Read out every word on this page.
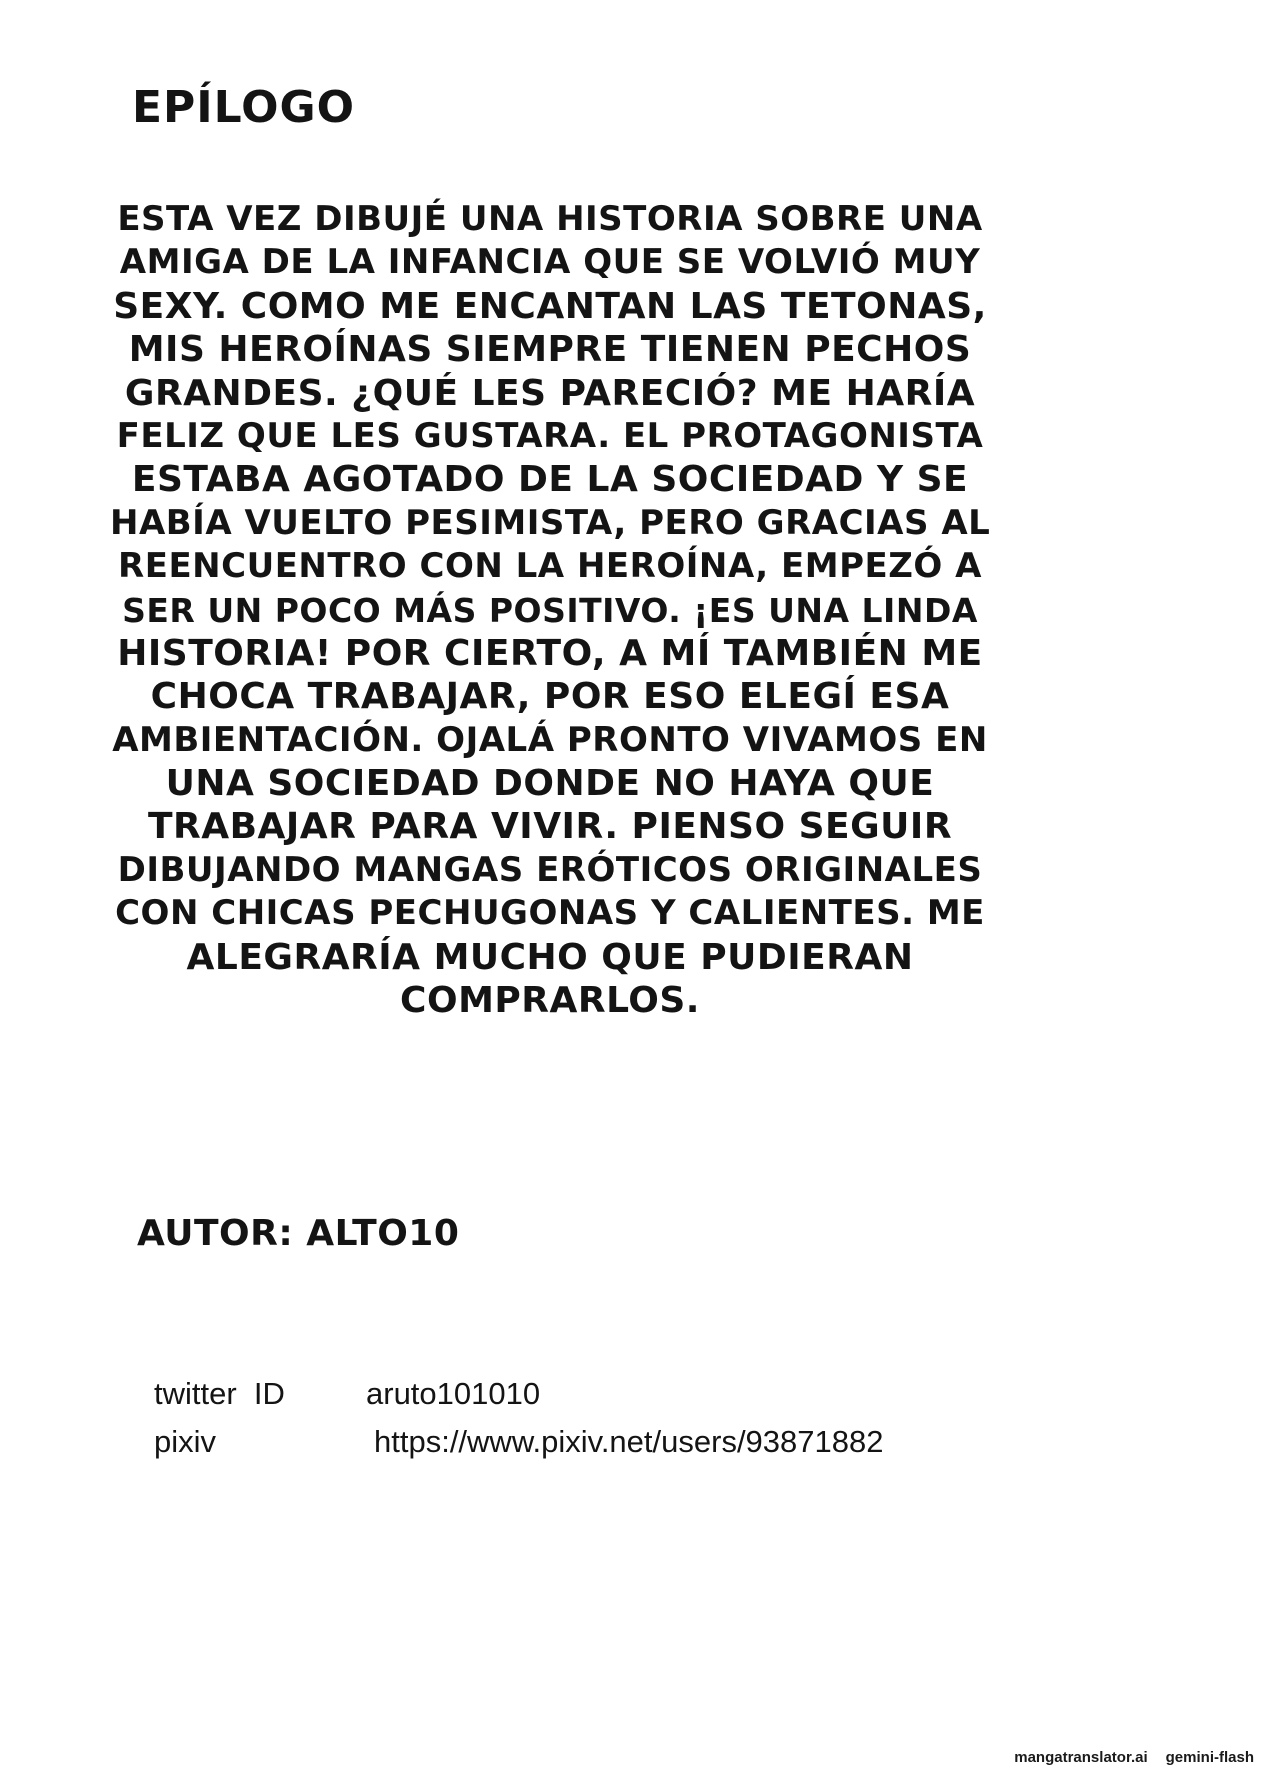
EPÍLOGO
ESTA VEZ DIBUJÉ UNA HISTORIA SOBRE UNA
AMIGA DE LA INFANCIA QUE SE VOLVIÓ MUY
SEXY. COMO ME ENCANTAN LAS TETONAS,
MIS HEROÍNAS SIEMPRE TIENEN PECHOS
GRANDES. ¿QUÉ LES PARECIÓ? ME HARÍA
FELIZ QUE LES GUSTARA. EL PROTAGONISTA
ESTABA AGOTADO DE LA SOCIEDAD Y SE
HABÍA VUELTO PESIMISTA, PERO GRACIAS AL
REENCUENTRO CON LA HEROÍNA, EMPEZÓ A
SER UN POCO MÁS POSITIVO. ¡ES UNA LINDA
HISTORIA! POR CIERTO, A MÍ TAMBIÉN ME
CHOCA TRABAJAR, POR ESO ELEGÍ ESA
AMBIENTACIÓN. OJALÁ PRONTO VIVAMOS EN
UNA SOCIEDAD DONDE NO HAYA QUE
TRABAJAR PARA VIVIR. PIENSO SEGUIR
DIBUJANDO MANGAS ERÓTICOS ORIGINALES
CON CHICAS PECHUGONAS Y CALIENTES. ME
ALEGRARÍA MUCHO QUE PUDIERAN
COMPRARLOS.
AUTOR: ALTO10
twitter  ID	aruto101010
pixiv	https://www.pixiv.net/users/93871882
mangatranslator.ai gemini-flash
